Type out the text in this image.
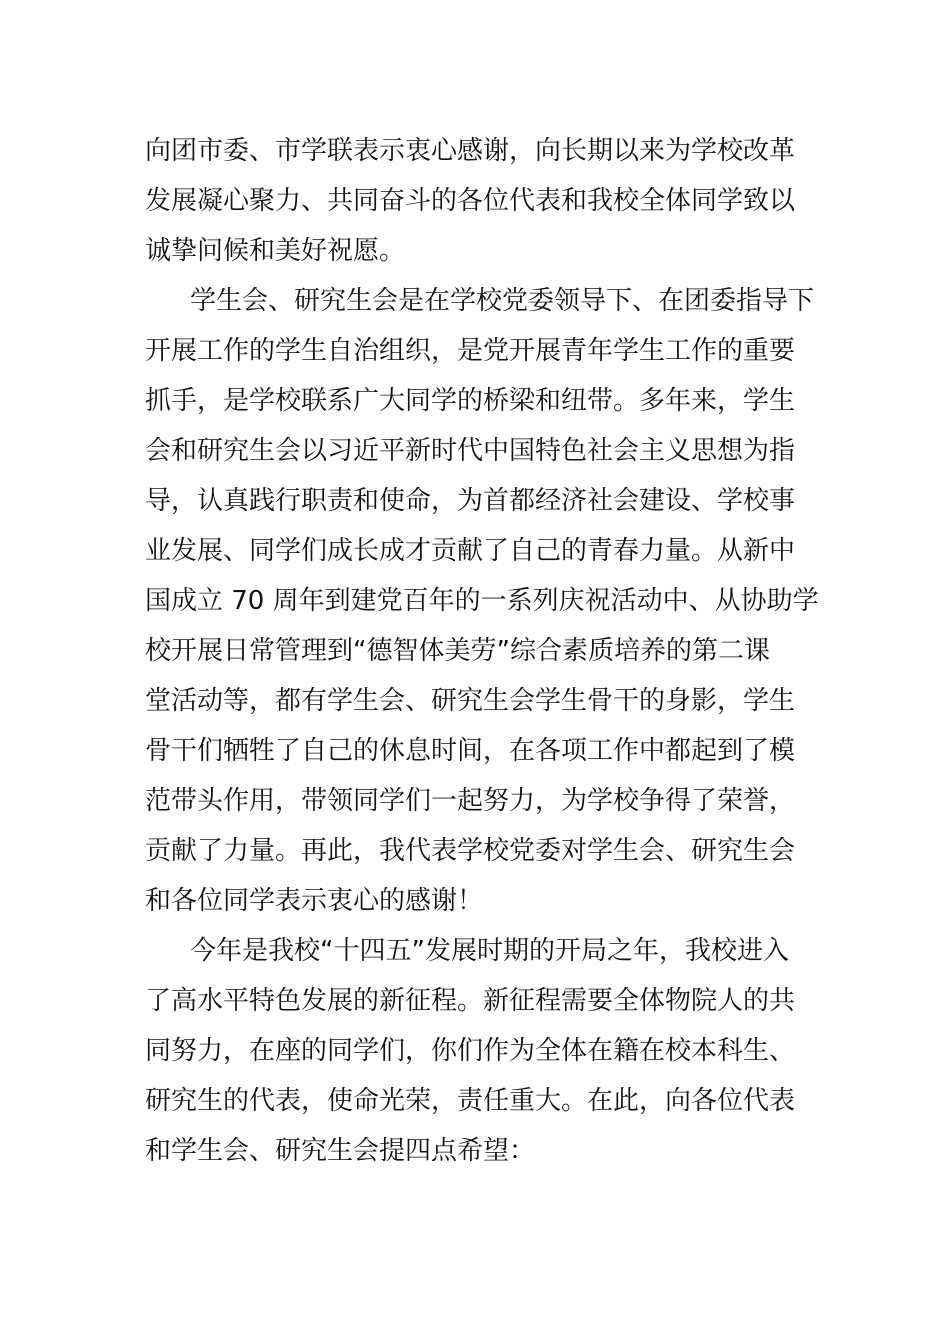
向团市委、市学联表示衷心感谢，向长期以来为学校改革
发展凝心聚力、共同奋斗的各位代表和我校全体同学致以
诚挚问候和美好祝愿。
学生会、研究生会是在学校党委领导下、在团委指导下
开展工作的学生自治组织，是党开展青年学生工作的重要
抓手，是学校联系广大同学的桥梁和纽带。多年来，学生
会和研究生会以习近平新时代中国特色社会主义思想为指
导，认真践行职责和使命，为首都经济社会建设、学校事
业发展、同学们成长成才贡献了自己的青春力量。从新中
国成立 70 周年到建党百年的一系列庆祝活动中、从协助学
校开展日常管理到“德智体美劳”综合素质培养的第二课
堂活动等，都有学生会、研究生会学生骨干的身影，学生
骨干们牺牲了自己的休息时间，在各项工作中都起到了模
范带头作用，带领同学们一起努力，为学校争得了荣誉，
贡献了力量。再此，我代表学校党委对学生会、研究生会
和各位同学表示衷心的感谢！
今年是我校“十四五”发展时期的开局之年，我校进入
了高水平特色发展的新征程。新征程需要全体物院人的共
同努力，在座的同学们，你们作为全体在籍在校本科生、
研究生的代表，使命光荣，责任重大。在此，向各位代表
和学生会、研究生会提四点希望：
